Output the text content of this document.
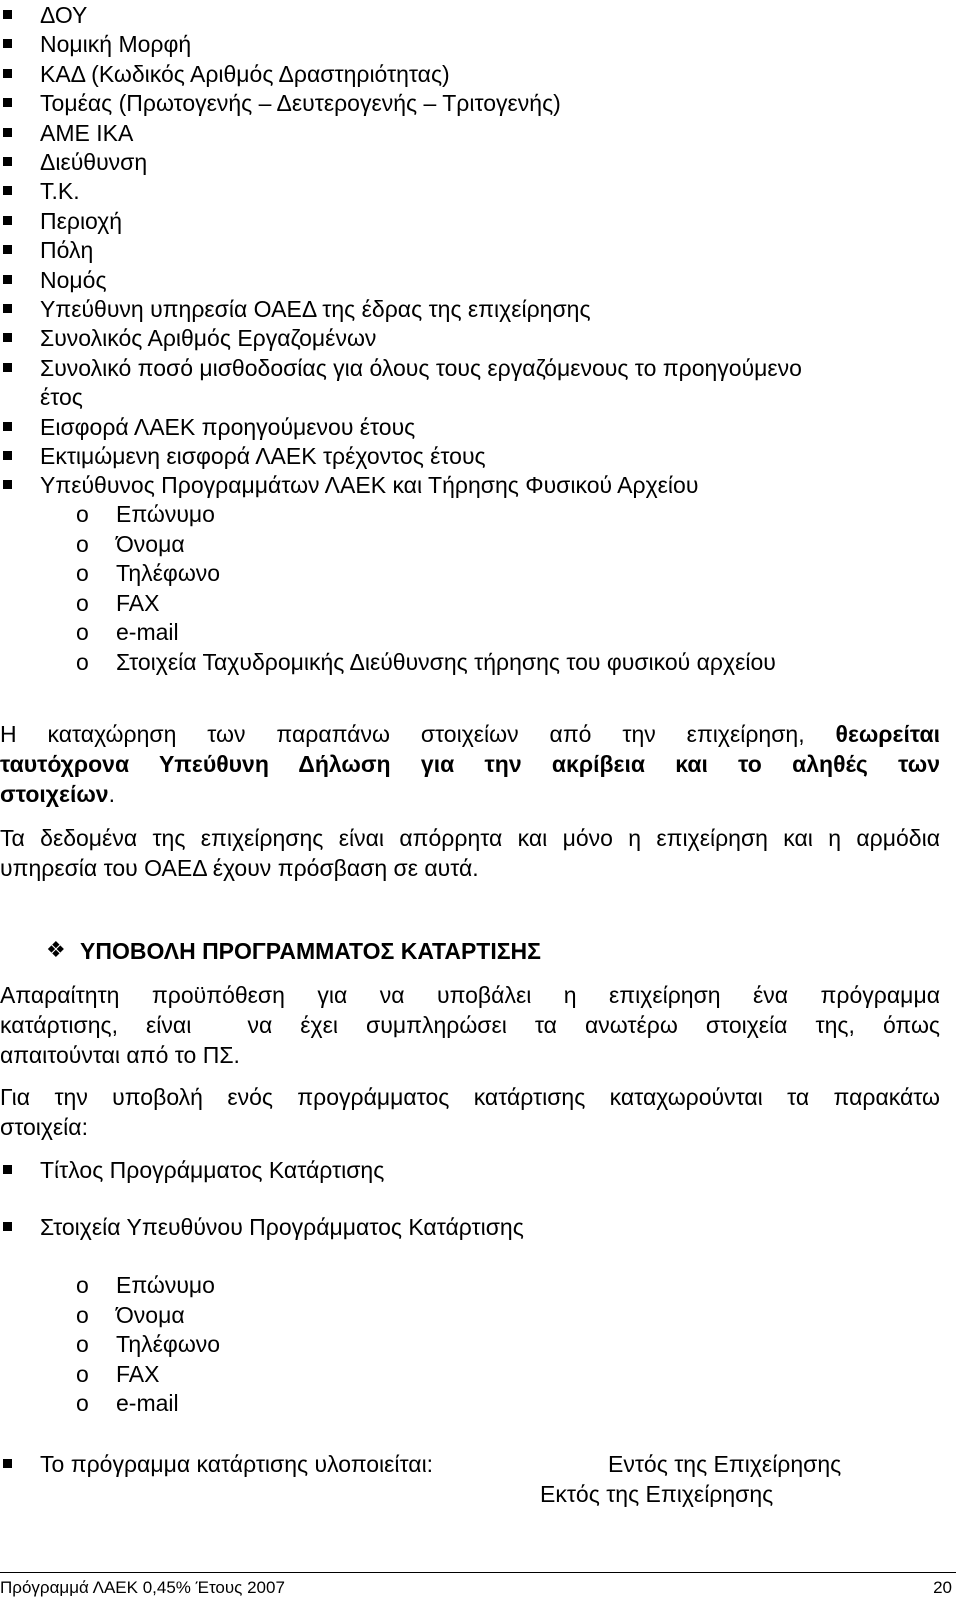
ΔΟΥ
Νομική Μορφή
ΚΑΔ (Κωδικός Αριθμός Δραστηριότητας)
Τομέας (Πρωτογενής – Δευτερογενής – Τριτογενής)
ΑΜΕ ΙΚΑ
Διεύθυνση
Τ.Κ.
Περιοχή
Πόλη
Νομός
Υπεύθυνη υπηρεσία ΟΑΕΔ της έδρας της επιχείρησης
Συνολικός Αριθμός Εργαζομένων
Συνολικό ποσό μισθοδοσίας για όλους τους εργαζόμενους το προηγούμενο
έτος
Εισφορά ΛΑΕΚ προηγούμενου έτους
Εκτιμώμενη εισφορά ΛΑΕΚ τρέχοντος έτους
Υπεύθυνος Προγραμμάτων ΛΑΕΚ και Τήρησης Φυσικού Αρχείου
o Επώνυμο
o Όνομα
o Τηλέφωνο
o FAX
o e-mail
o Στοιχεία Ταχυδρομικής Διεύθυνσης τήρησης του φυσικού αρχείου
Η καταχώρηση των παραπάνω στοιχείων από την επιχείρηση, θεωρείται
ταυτόχρονα Υπεύθυνη Δήλωση για την ακρίβεια και το αληθές των
στοιχείων.
Τα δεδομένα της επιχείρησης είναι απόρρητα και μόνο η επιχείρηση και η αρμόδια
υπηρεσία του ΟΑΕΔ έχουν πρόσβαση σε αυτά.
❖ ΥΠΟΒΟΛΗ ΠΡΟΓΡΑΜΜΑΤΟΣ ΚΑΤΑΡΤΙΣΗΣ
Απαραίτητη προϋπόθεση για να υποβάλει η επιχείρηση ένα πρόγραμμα
κατάρτισης, είναι  να έχει συμπληρώσει τα ανωτέρω στοιχεία της, όπως
απαιτούνται από το ΠΣ.
Για την υποβολή ενός προγράμματος κατάρτισης καταχωρούνται τα παρακάτω
στοιχεία:
Τίτλος Προγράμματος Κατάρτισης
Στοιχεία Υπευθύνου Προγράμματος Κατάρτισης
o Επώνυμο
o Όνομα
o Τηλέφωνο
o FAX
o e-mail
Το πρόγραμμα κατάρτισης υλοποιείται:	Εντός της Επιχείρησης
Εκτός της Επιχείρησης
Πρόγραμμά ΛΑΕΚ 0,45% Έτους 2007	20
